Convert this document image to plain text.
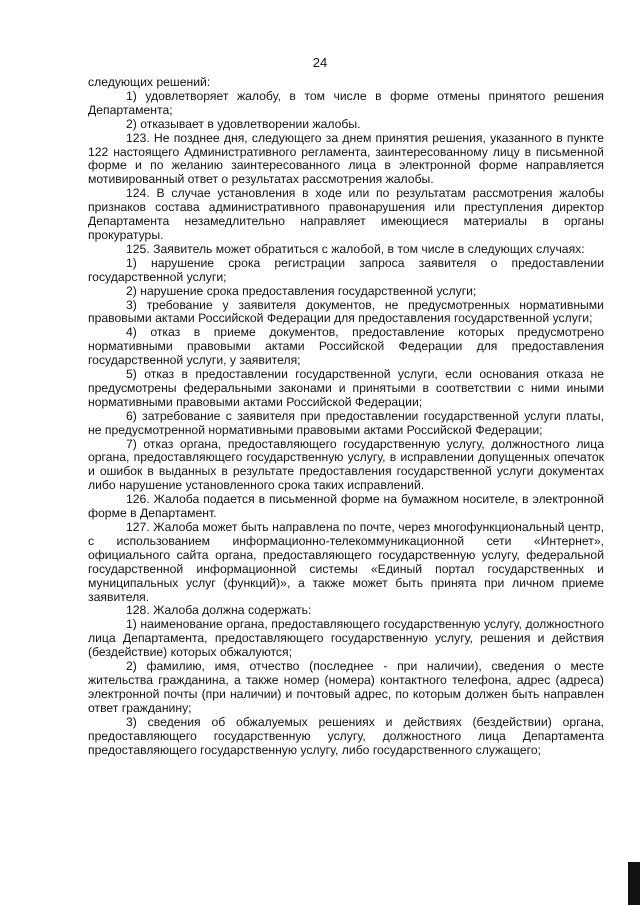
24

следующих решений:

1) удовлетворяет жалобу, в том числе в форме отмены принятого решения Департамента;

2) отказывает в удовлетворении жалобы.

123. Не позднее дня, следующего за днем принятия решения, указанного в пункте 122 настоящего Административного регламента, заинтересованному лицу в письменной форме и по желанию заинтересованного лица в электронной форме направляется мотивированный ответ о результатах рассмотрения жалобы.

124. В случае установления в ходе или по результатам рассмотрения жалобы признаков состава административного правонарушения или преступления директор Департамента незамедлительно направляет имеющиеся материалы в органы прокуратуры.

125. Заявитель может обратиться с жалобой, в том числе в следующих случаях:

1) нарушение срока регистрации запроса заявителя о предоставлении государственной услуги;

2) нарушение срока предоставления государственной услуги;

3) требование у заявителя документов, не предусмотренных нормативными правовыми актами Российской Федерации для предоставления государственной услуги;

4) отказ в приеме документов, предоставление которых предусмотрено нормативными правовыми актами Российской Федерации для предоставления государственной услуги, у заявителя;

5) отказ в предоставлении государственной услуги, если основания отказа не предусмотрены федеральными законами и принятыми в соответствии с ними иными нормативными правовыми актами Российской Федерации;

6) затребование с заявителя при предоставлении государственной услуги платы, не предусмотренной нормативными правовыми актами Российской Федерации;

7) отказ органа, предоставляющего государственную услугу, должностного лица органа, предоставляющего государственную услугу, в исправлении допущенных опечаток и ошибок в выданных в результате предоставления государственной услуги документах либо нарушение установленного срока таких исправлений.

126. Жалоба подается в письменной форме на бумажном носителе, в электронной форме в Департамент.

127. Жалоба может быть направлена по почте, через многофункциональный центр, с использованием информационно-телекоммуникационной сети «Интернет», официального сайта органа, предоставляющего государственную услугу, федеральной государственной информационной системы «Единый портал государственных и муниципальных услуг (функций)», а также может быть принята при личном приеме заявителя.

128. Жалоба должна содержать:

1) наименование органа, предоставляющего государственную услугу, должностного лица Департамента, предоставляющего государственную услугу, решения и действия (бездействие) которых обжалуются;

2) фамилию, имя, отчество (последнее - при наличии), сведения о месте жительства гражданина, а также номер (номера) контактного телефона, адрес (адреса) электронной почты (при наличии) и почтовый адрес, по которым должен быть направлен ответ гражданину;

3) сведения об обжалуемых решениях и действиях (бездействии) органа, предоставляющего государственную услугу, должностного лица Департамента предоставляющего государственную услугу, либо государственного служащего;
